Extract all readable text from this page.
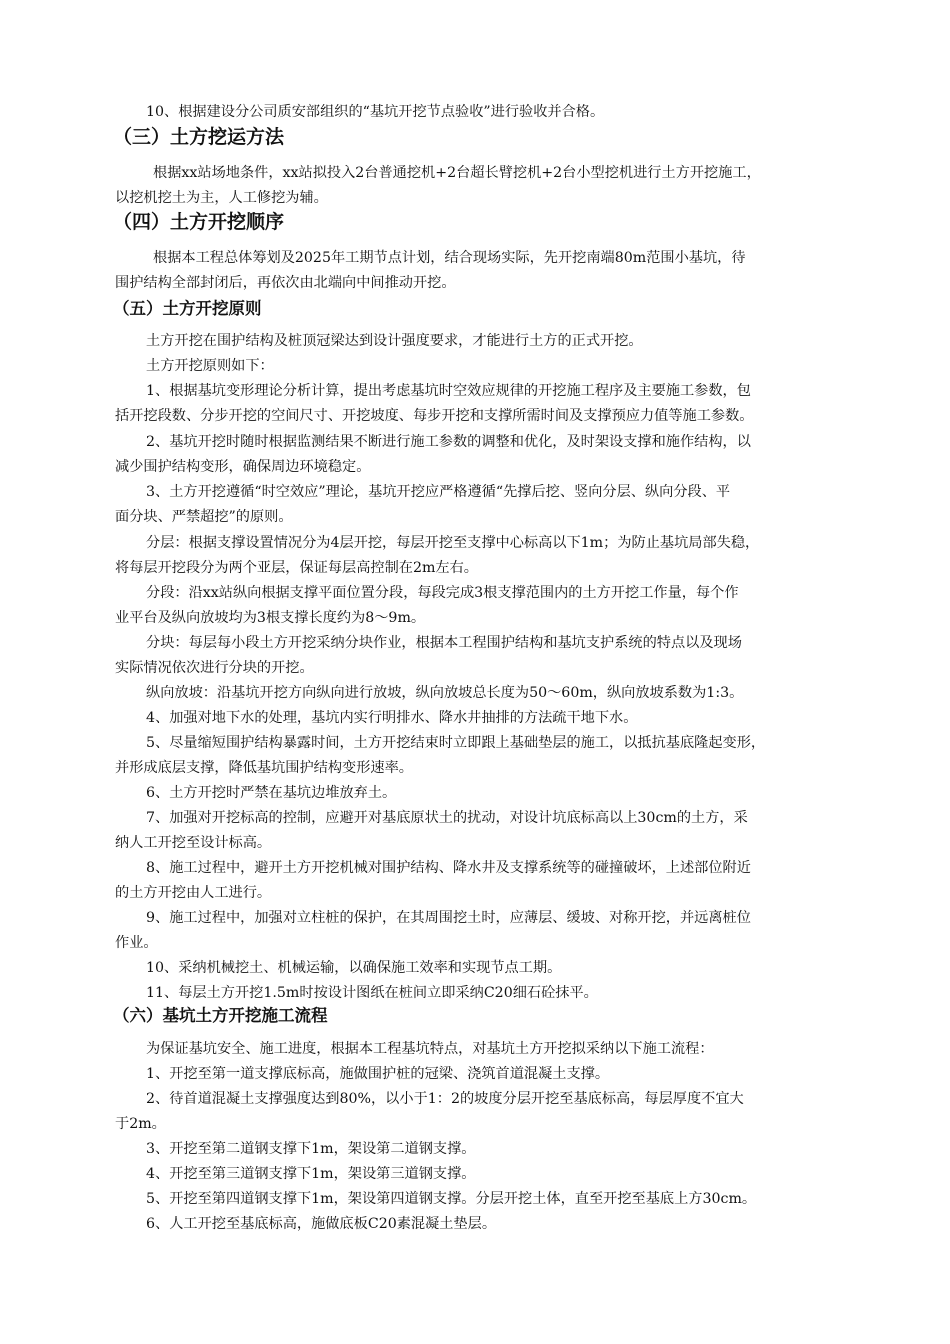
10、根据建设分公司质安部组织的“基坑开挖节点验收”进行验收并合格。
（三）土方挖运方法
根据xx站场地条件，xx站拟投入2台普通挖机+2台超长臂挖机+2台小型挖机进行土方开挖施工，
以挖机挖土为主，人工修挖为辅。
（四）土方开挖顺序
根据本工程总体筹划及2025年工期节点计划，结合现场实际，先开挖南端80m范围小基坑，待
围护结构全部封闭后，再依次由北端向中间推动开挖。
（五）土方开挖原则
土方开挖在围护结构及桩顶冠梁达到设计强度要求，才能进行土方的正式开挖。
土方开挖原则如下：
1、根据基坑变形理论分析计算，提出考虑基坑时空效应规律的开挖施工程序及主要施工参数，包
括开挖段数、分步开挖的空间尺寸、开挖坡度、每步开挖和支撑所需时间及支撑预应力值等施工参数。
2、基坑开挖时随时根据监测结果不断进行施工参数的调整和优化，及时架设支撑和施作结构，以
减少围护结构变形，确保周边环境稳定。
3、土方开挖遵循“时空效应”理论，基坑开挖应严格遵循“先撑后挖、竖向分层、纵向分段、平
面分块、严禁超挖”的原则。
分层：根据支撑设置情况分为4层开挖，每层开挖至支撑中心标高以下1m；为防止基坑局部失稳，
将每层开挖段分为两个亚层，保证每层高控制在2m左右。
分段：沿xx站纵向根据支撑平面位置分段，每段完成3根支撑范围内的土方开挖工作量，每个作
业平台及纵向放坡均为3根支撑长度约为8～9m。
分块：每层每小段土方开挖采纳分块作业，根据本工程围护结构和基坑支护系统的特点以及现场
实际情况依次进行分块的开挖。
纵向放坡：沿基坑开挖方向纵向进行放坡，纵向放坡总长度为50～60m，纵向放坡系数为1:3。
4、加强对地下水的处理，基坑内实行明排水、降水井抽排的方法疏干地下水。
5、尽量缩短围护结构暴露时间，土方开挖结束时立即跟上基础垫层的施工，以抵抗基底隆起变形，
并形成底层支撑，降低基坑围护结构变形速率。
6、土方开挖时严禁在基坑边堆放弃土。
7、加强对开挖标高的控制，应避开对基底原状土的扰动，对设计坑底标高以上30cm的土方，采
纳人工开挖至设计标高。
8、施工过程中，避开土方开挖机械对围护结构、降水井及支撑系统等的碰撞破坏，上述部位附近
的土方开挖由人工进行。
9、施工过程中，加强对立柱桩的保护，在其周围挖土时，应薄层、缓坡、对称开挖，并远离桩位
作业。
10、采纳机械挖土、机械运输，以确保施工效率和实现节点工期。
11、每层土方开挖1.5m时按设计图纸在桩间立即采纳C20细石砼抹平。
（六）基坑土方开挖施工流程
为保证基坑安全、施工进度，根据本工程基坑特点，对基坑土方开挖拟采纳以下施工流程：
1、开挖至第一道支撑底标高，施做围护桩的冠梁、浇筑首道混凝土支撑。
2、待首道混凝土支撑强度达到80%，以小于1：2的坡度分层开挖至基底标高，每层厚度不宜大
于2m。
3、开挖至第二道钢支撑下1m，架设第二道钢支撑。
4、开挖至第三道钢支撑下1m，架设第三道钢支撑。
5、开挖至第四道钢支撑下1m，架设第四道钢支撑。分层开挖土体，直至开挖至基底上方30cm。
6、人工开挖至基底标高，施做底板C20素混凝土垫层。
